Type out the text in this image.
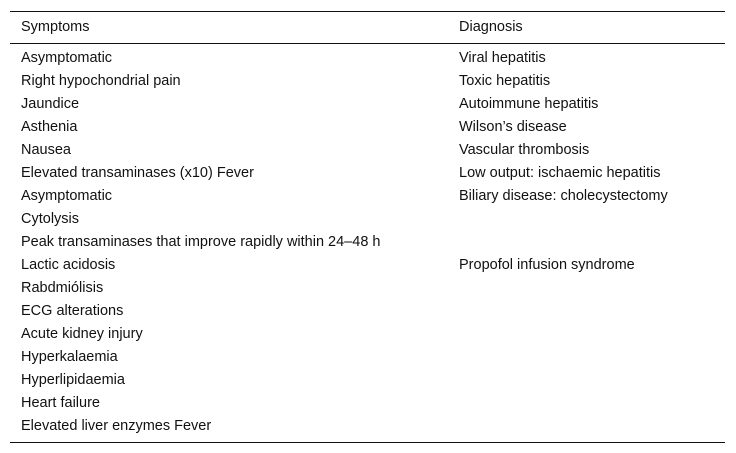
Symptoms	Diagnosis
Asymptomatic	Viral hepatitis
Right hypochondrial pain	Toxic hepatitis
Jaundice	Autoimmune hepatitis
Asthenia	Wilson’s disease
Nausea	Vascular thrombosis
Elevated transaminases (x10) Fever	Low output: ischaemic hepatitis
Asymptomatic	Biliary disease: cholecystectomy
Cytolysis	
Peak transaminases that improve rapidly within 24–48 h	
Lactic acidosis	Propofol infusion syndrome
Rabdmiólisis	
ECG alterations	
Acute kidney injury	
Hyperkalaemia	
Hyperlipidaemia	
Heart failure	
Elevated liver enzymes Fever	
